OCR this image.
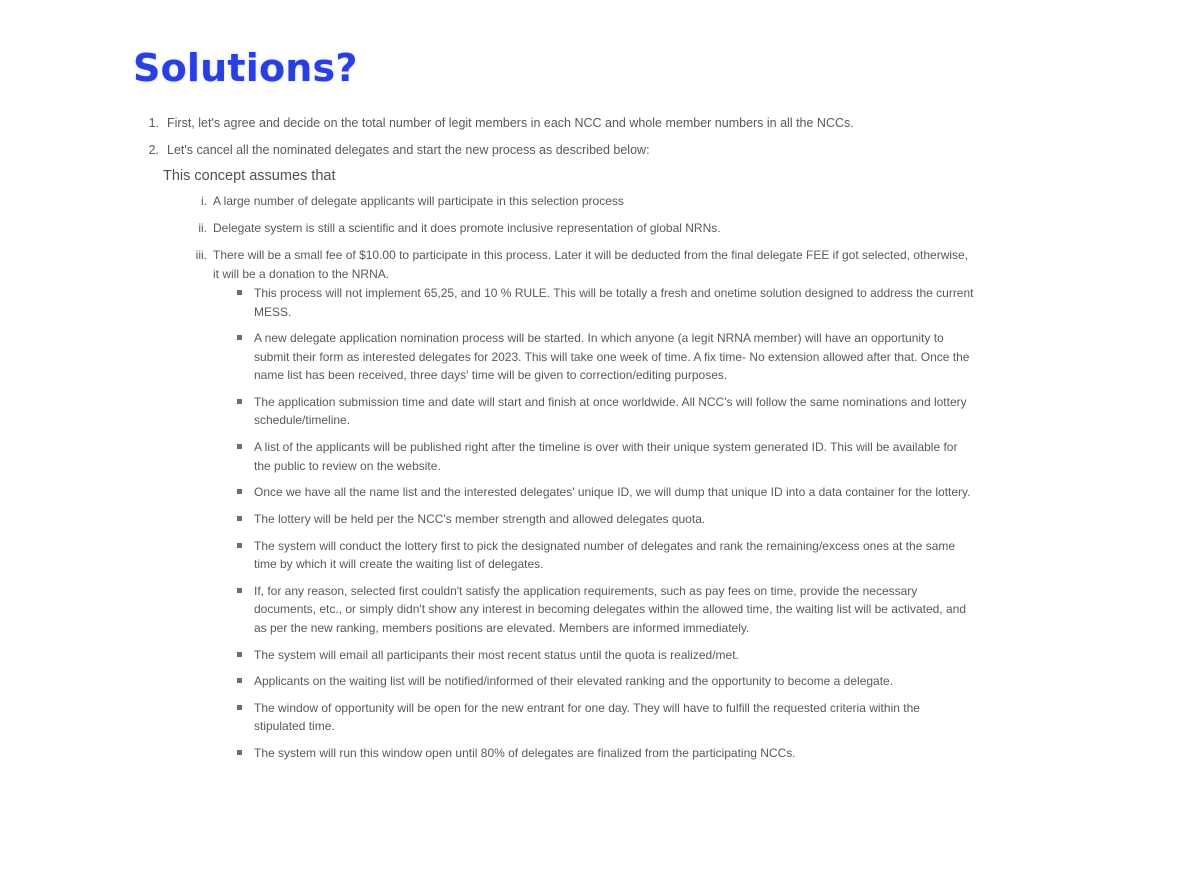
Solutions?
1. First, let's agree and decide on the total number of legit members in each NCC and whole member numbers in all the NCCs.
2. Let's cancel all the nominated delegates and start the new process as described below:
This concept assumes that
i. A large number of delegate applicants will participate in this selection process
ii. Delegate system is still a scientific and it does promote inclusive representation of global NRNs.
iii. There will be a small fee of $10.00 to participate in this process. Later it will be deducted from the final delegate FEE if got selected, otherwise, it will be a donation to the NRNA.
This process will not implement 65,25, and 10 % RULE. This will be totally a fresh and onetime solution designed to address the current MESS.
A new delegate application nomination process will be started. In which anyone (a legit NRNA member) will have an opportunity to submit their form as interested delegates for 2023. This will take one week of time. A fix time- No extension allowed after that. Once the name list has been received, three days' time will be given to correction/editing purposes.
The application submission time and date will start and finish at once worldwide. All NCC's will follow the same nominations and lottery schedule/timeline.
A list of the applicants will be published right after the timeline is over with their unique system generated ID. This will be available for the public to review on the website.
Once we have all the name list and the interested delegates' unique ID, we will dump that unique ID into a data container for the lottery.
The lottery will be held per the NCC's member strength and allowed delegates quota.
The system will conduct the lottery first to pick the designated number of delegates and rank the remaining/excess ones at the same time by which it will create the waiting list of delegates.
If, for any reason, selected first couldn't satisfy the application requirements, such as pay fees on time, provide the necessary documents, etc., or simply didn't show any interest in becoming delegates within the allowed time, the waiting list will be activated, and as per the new ranking, members positions are elevated. Members are informed immediately.
The system will email all participants their most recent status until the quota is realized/met.
Applicants on the waiting list will be notified/informed of their elevated ranking and the opportunity to become a delegate.
The window of opportunity will be open for the new entrant for one day. They will have to fulfill the requested criteria within the stipulated time.
The system will run this window open until 80% of delegates are finalized from the participating NCCs.
